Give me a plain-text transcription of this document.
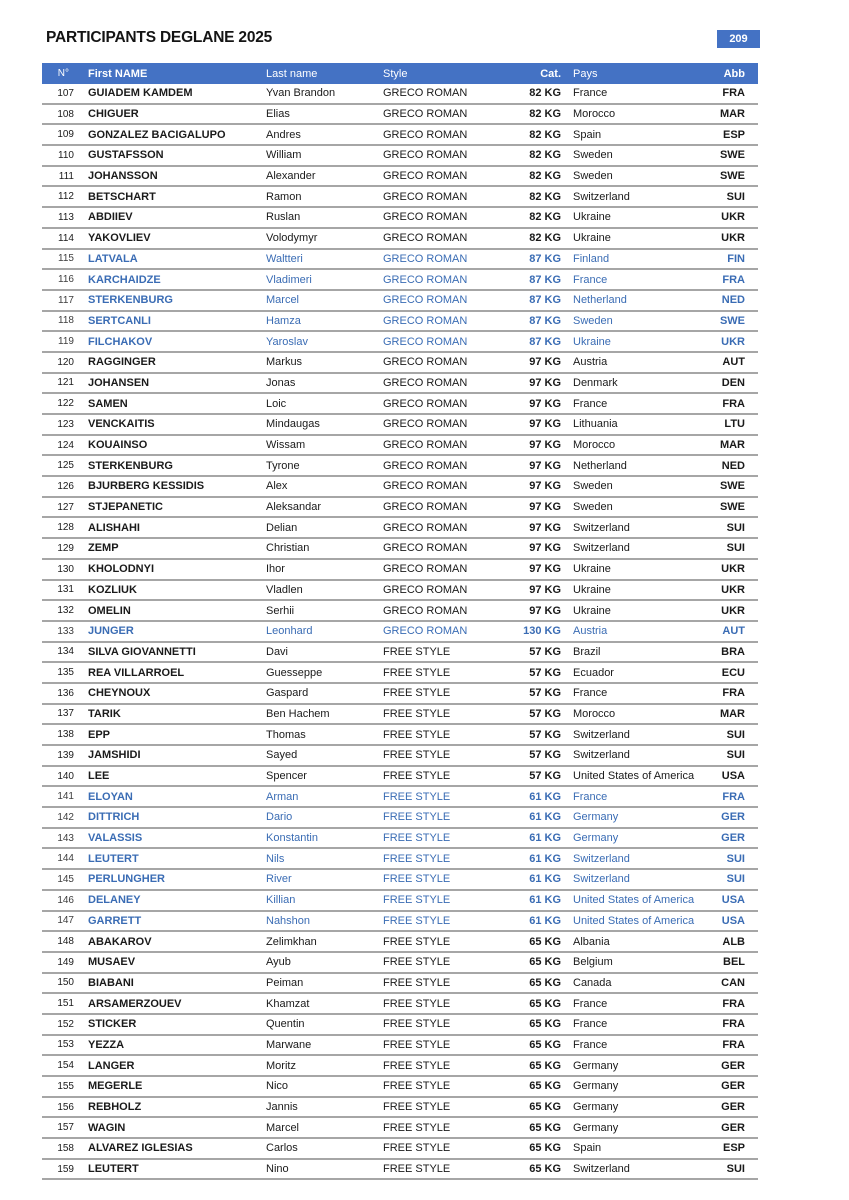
PARTICIPANTS DEGLANE 2025	209
N°	First NAME	Last name	Style	Cat.	Pays	Abb
107	GUIADEM KAMDEM	Yvan Brandon	GRECO ROMAN	82 KG	France	FRA
108	CHIGUER	Elias	GRECO ROMAN	82 KG	Morocco	MAR
109	GONZALEZ BACIGALUPO	Andres	GRECO ROMAN	82 KG	Spain	ESP
110	GUSTAFSSON	William	GRECO ROMAN	82 KG	Sweden	SWE
111	JOHANSSON	Alexander	GRECO ROMAN	82 KG	Sweden	SWE
112	BETSCHART	Ramon	GRECO ROMAN	82 KG	Switzerland	SUI
113	ABDIIEV	Ruslan	GRECO ROMAN	82 KG	Ukraine	UKR
114	YAKOVLIEV	Volodymyr	GRECO ROMAN	82 KG	Ukraine	UKR
115	LATVALA	Waltteri	GRECO ROMAN	87 KG	Finland	FIN
116	KARCHAIDZE	Vladimeri	GRECO ROMAN	87 KG	France	FRA
117	STERKENBURG	Marcel	GRECO ROMAN	87 KG	Netherland	NED
118	SERTCANLI	Hamza	GRECO ROMAN	87 KG	Sweden	SWE
119	FILCHAKOV	Yaroslav	GRECO ROMAN	87 KG	Ukraine	UKR
120	RAGGINGER	Markus	GRECO ROMAN	97 KG	Austria	AUT
121	JOHANSEN	Jonas	GRECO ROMAN	97 KG	Denmark	DEN
122	SAMEN	Loic	GRECO ROMAN	97 KG	France	FRA
123	VENCKAITIS	Mindaugas	GRECO ROMAN	97 KG	Lithuania	LTU
124	KOUAINSO	Wissam	GRECO ROMAN	97 KG	Morocco	MAR
125	STERKENBURG	Tyrone	GRECO ROMAN	97 KG	Netherland	NED
126	BJURBERG KESSIDIS	Alex	GRECO ROMAN	97 KG	Sweden	SWE
127	STJEPANETIC	Aleksandar	GRECO ROMAN	97 KG	Sweden	SWE
128	ALISHAHI	Delian	GRECO ROMAN	97 KG	Switzerland	SUI
129	ZEMP	Christian	GRECO ROMAN	97 KG	Switzerland	SUI
130	KHOLODNYI	Ihor	GRECO ROMAN	97 KG	Ukraine	UKR
131	KOZLIUK	Vladlen	GRECO ROMAN	97 KG	Ukraine	UKR
132	OMELIN	Serhii	GRECO ROMAN	97 KG	Ukraine	UKR
133	JUNGER	Leonhard	GRECO ROMAN	130 KG	Austria	AUT
134	SILVA GIOVANNETTI	Davi	FREE STYLE	57 KG	Brazil	BRA
135	REA VILLARROEL	Guesseppe	FREE STYLE	57 KG	Ecuador	ECU
136	CHEYNOUX	Gaspard	FREE STYLE	57 KG	France	FRA
137	TARIK	Ben Hachem	FREE STYLE	57 KG	Morocco	MAR
138	EPP	Thomas	FREE STYLE	57 KG	Switzerland	SUI
139	JAMSHIDI	Sayed	FREE STYLE	57 KG	Switzerland	SUI
140	LEE	Spencer	FREE STYLE	57 KG	United States of America	USA
141	ELOYAN	Arman	FREE STYLE	61 KG	France	FRA
142	DITTRICH	Dario	FREE STYLE	61 KG	Germany	GER
143	VALASSIS	Konstantin	FREE STYLE	61 KG	Germany	GER
144	LEUTERT	Nils	FREE STYLE	61 KG	Switzerland	SUI
145	PERLUNGHER	River	FREE STYLE	61 KG	Switzerland	SUI
146	DELANEY	Killian	FREE STYLE	61 KG	United States of America	USA
147	GARRETT	Nahshon	FREE STYLE	61 KG	United States of America	USA
148	ABAKAROV	Zelimkhan	FREE STYLE	65 KG	Albania	ALB
149	MUSAEV	Ayub	FREE STYLE	65 KG	Belgium	BEL
150	BIABANI	Peiman	FREE STYLE	65 KG	Canada	CAN
151	ARSAMERZOUEV	Khamzat	FREE STYLE	65 KG	France	FRA
152	STICKER	Quentin	FREE STYLE	65 KG	France	FRA
153	YEZZA	Marwane	FREE STYLE	65 KG	France	FRA
154	LANGER	Moritz	FREE STYLE	65 KG	Germany	GER
155	MEGERLE	Nico	FREE STYLE	65 KG	Germany	GER
156	REBHOLZ	Jannis	FREE STYLE	65 KG	Germany	GER
157	WAGIN	Marcel	FREE STYLE	65 KG	Germany	GER
158	ALVAREZ IGLESIAS	Carlos	FREE STYLE	65 KG	Spain	ESP
159	LEUTERT	Nino	FREE STYLE	65 KG	Switzerland	SUI
